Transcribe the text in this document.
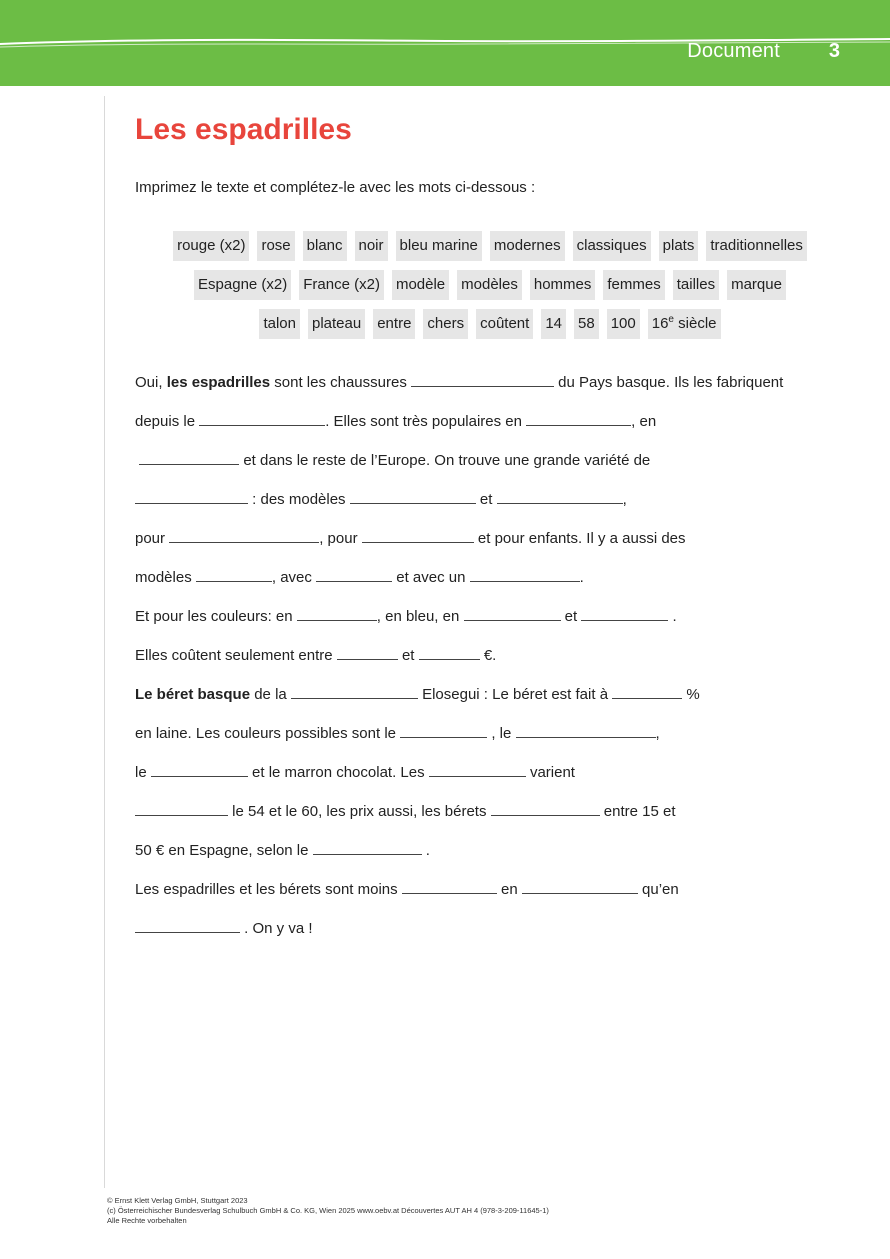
Document 3
Les espadrilles
Imprimez le texte et complétez-le avec les mots ci-dessous :
rouge (x2) rose blanc noir bleu marine modernes classiques plats traditionnelles
Espagne (x2) France (x2) modèle modèles hommes femmes tailles marque
talon plateau entre chers coûtent 14 58 100 16e siècle
Oui, les espadrilles sont les chaussures	du Pays basque. Ils les fabriquent
depuis le	. Elles sont très populaires en	, en
et dans le reste de l’Europe. On trouve une grande variété de
: des modèles	et	,
pour	, pour	et pour enfants. Il y a aussi des
modèles	, avec	et avec un	.
Et pour les couleurs: en	, en bleu, en	et	.
Elles coûtent seulement entre	et	€.
Le béret basque de la	Elosegui : Le béret est fait à	%
en laine. Les couleurs possibles sont le	, le	,
le	et le marron chocolat. Les	varient
le 54 et le 60, les prix aussi, les bérets	entre 15 et
50 € en Espagne, selon le	.
Les espadrilles et les bérets sont moins	en	qu’en
. On y va !
© Ernst Klett Verlag GmbH, Stuttgart 2023
(c) Österreichischer Bundesverlag Schulbuch GmbH & Co. KG, Wien 2025 www.oebv.at Découvertes AUT AH 4 (978-3-209-11645-1)
Alle Rechte vorbehalten
